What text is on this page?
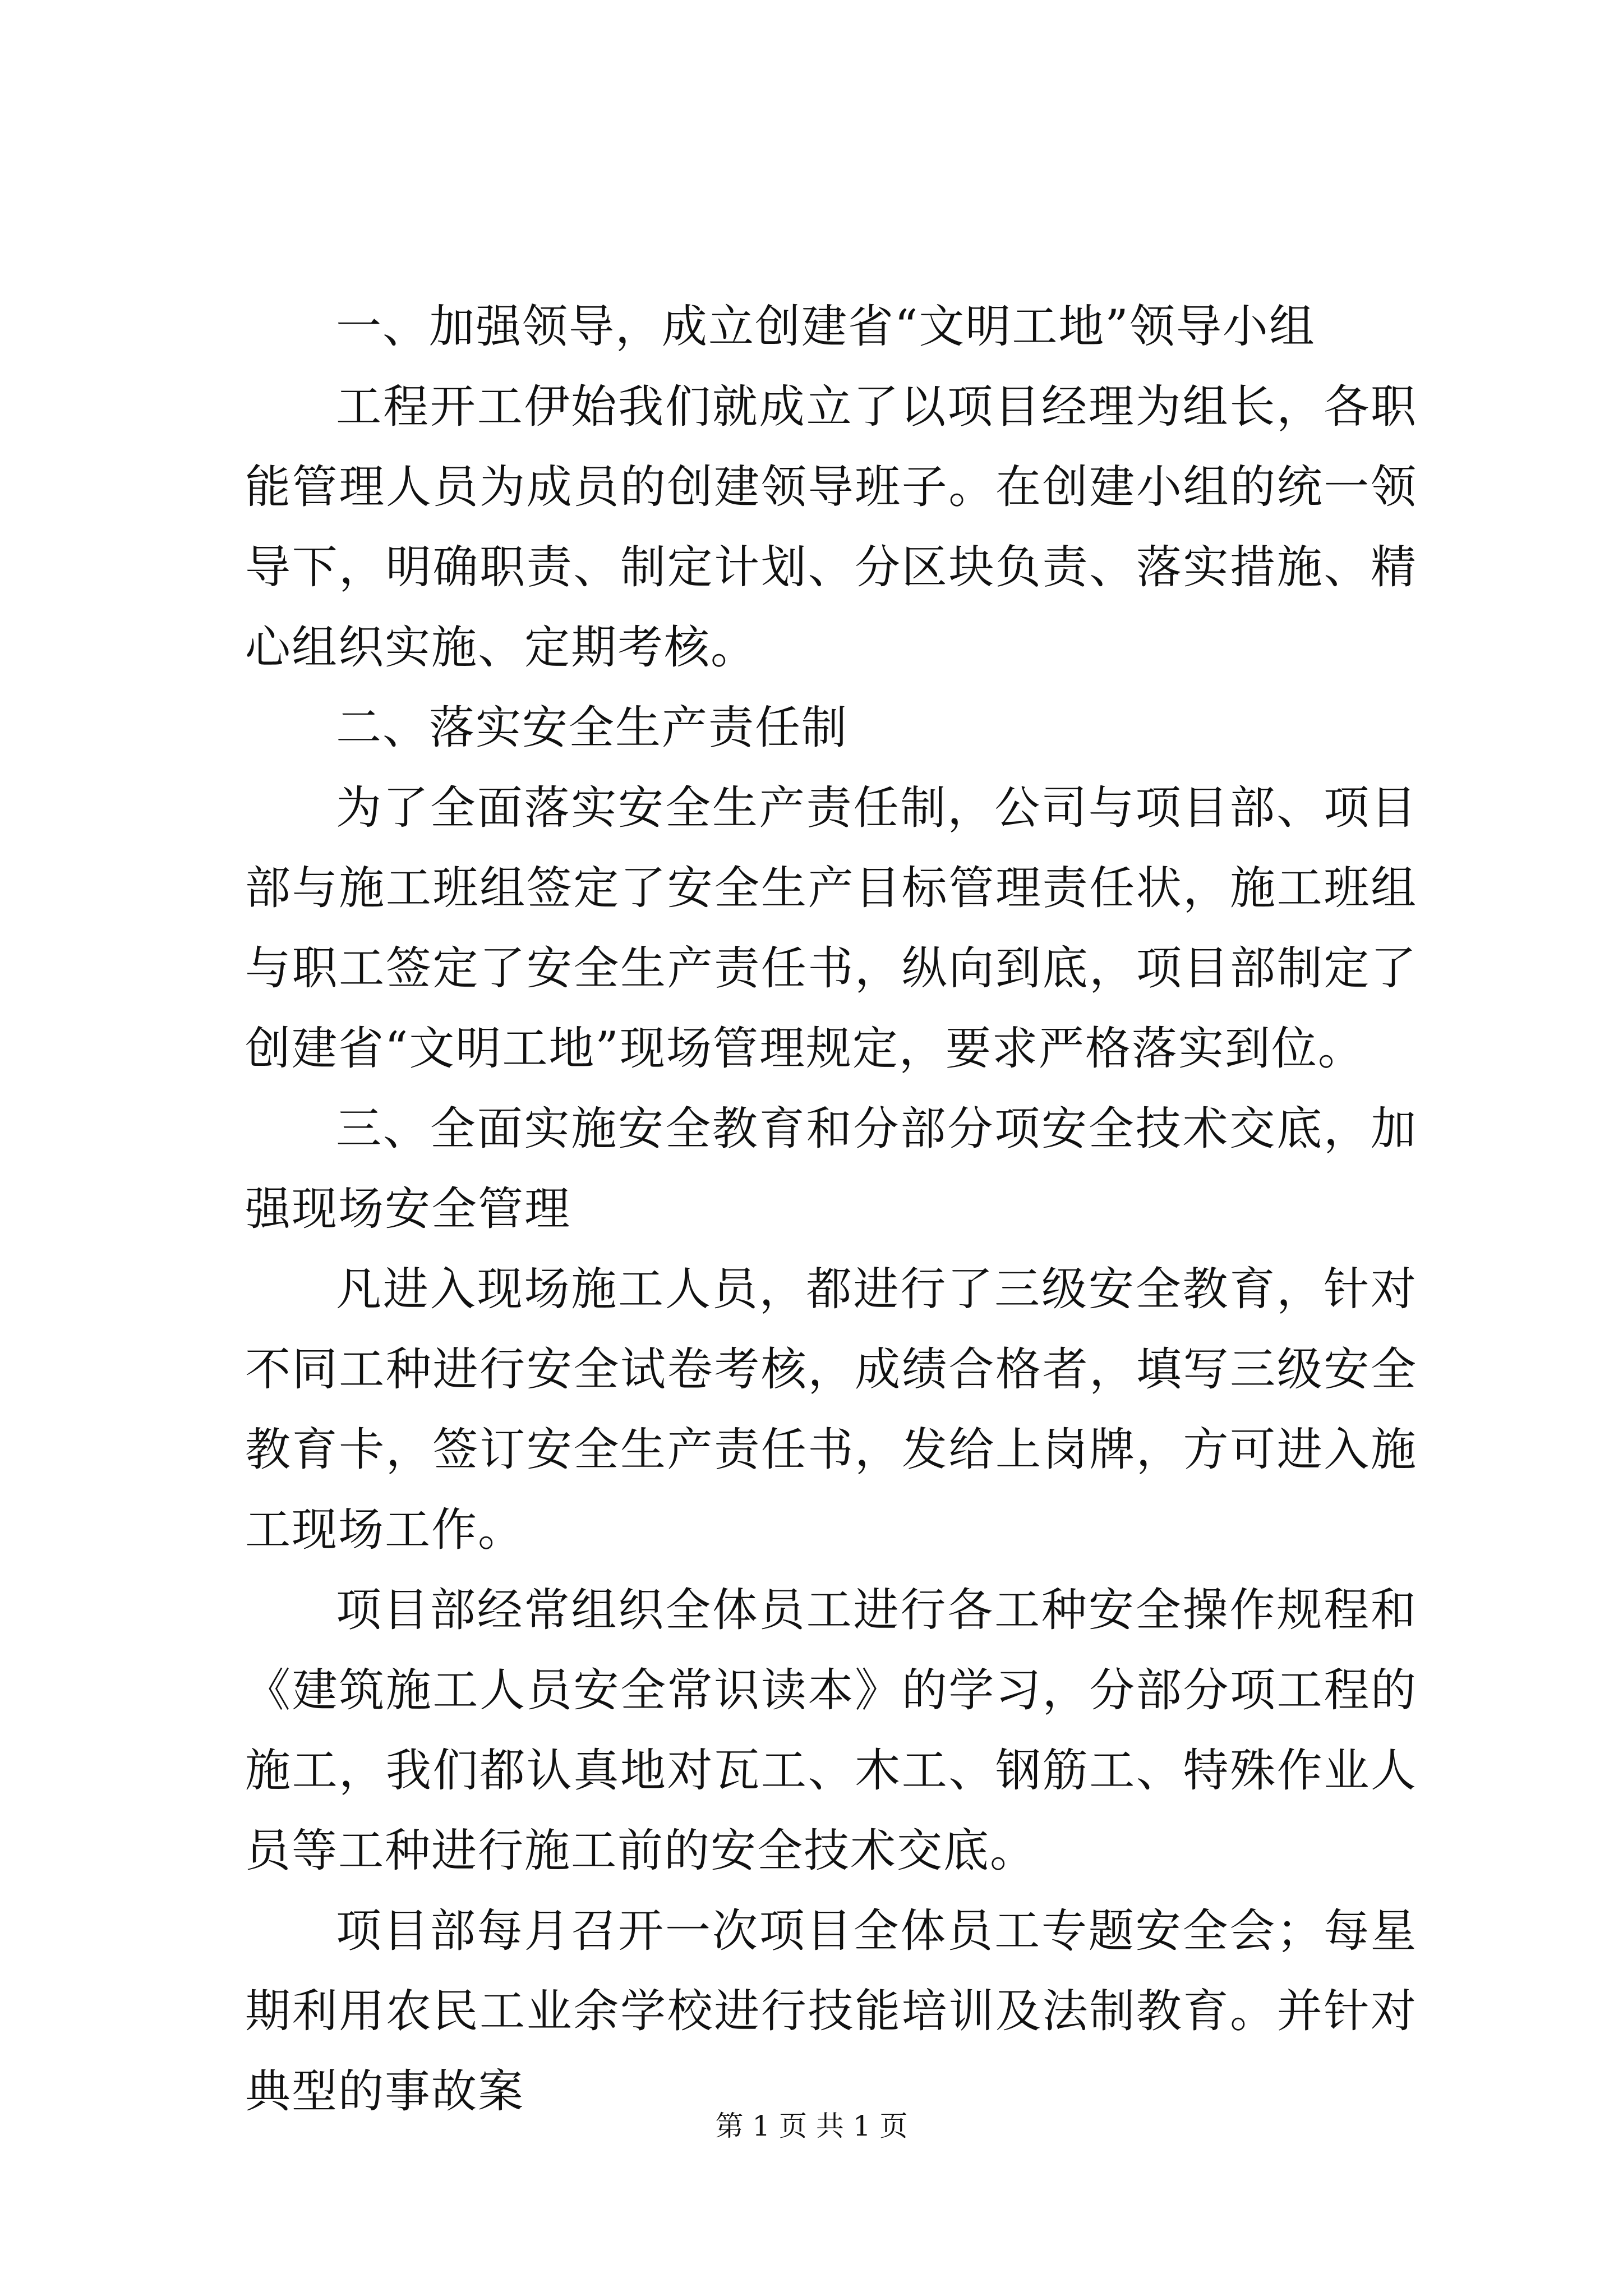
一、加强领导，成立创建省“文明工地”领导小组

工程开工伊始我们就成立了以项目经理为组长，各职能管理人员为成员的创建领导班子。在创建小组的统一领导下，明确职责、制定计划、分区块负责、落实措施、精心组织实施、定期考核。

二、落实安全生产责任制

为了全面落实安全生产责任制，公司与项目部、项目部与施工班组签定了安全生产目标管理责任状，施工班组与职工签定了安全生产责任书，纵向到底，项目部制定了创建省“文明工地”现场管理规定，要求严格落实到位。

三、全面实施安全教育和分部分项安全技术交底，加强现场安全管理

凡进入现场施工人员，都进行了三级安全教育，针对不同工种进行安全试卷考核，成绩合格者，填写三级安全教育卡，签订安全生产责任书，发给上岗牌，方可进入施工现场工作。

项目部经常组织全体员工进行各工种安全操作规程和《建筑施工人员安全常识读本》的学习，分部分项工程的施工，我们都认真地对瓦工、木工、钢筋工、特殊作业人员等工种进行施工前的安全技术交底。

项目部每月召开一次项目全体员工专题安全会；每星期利用农民工业余学校进行技能培训及法制教育。并针对典型的事故案

第 1 页 共 1 页
